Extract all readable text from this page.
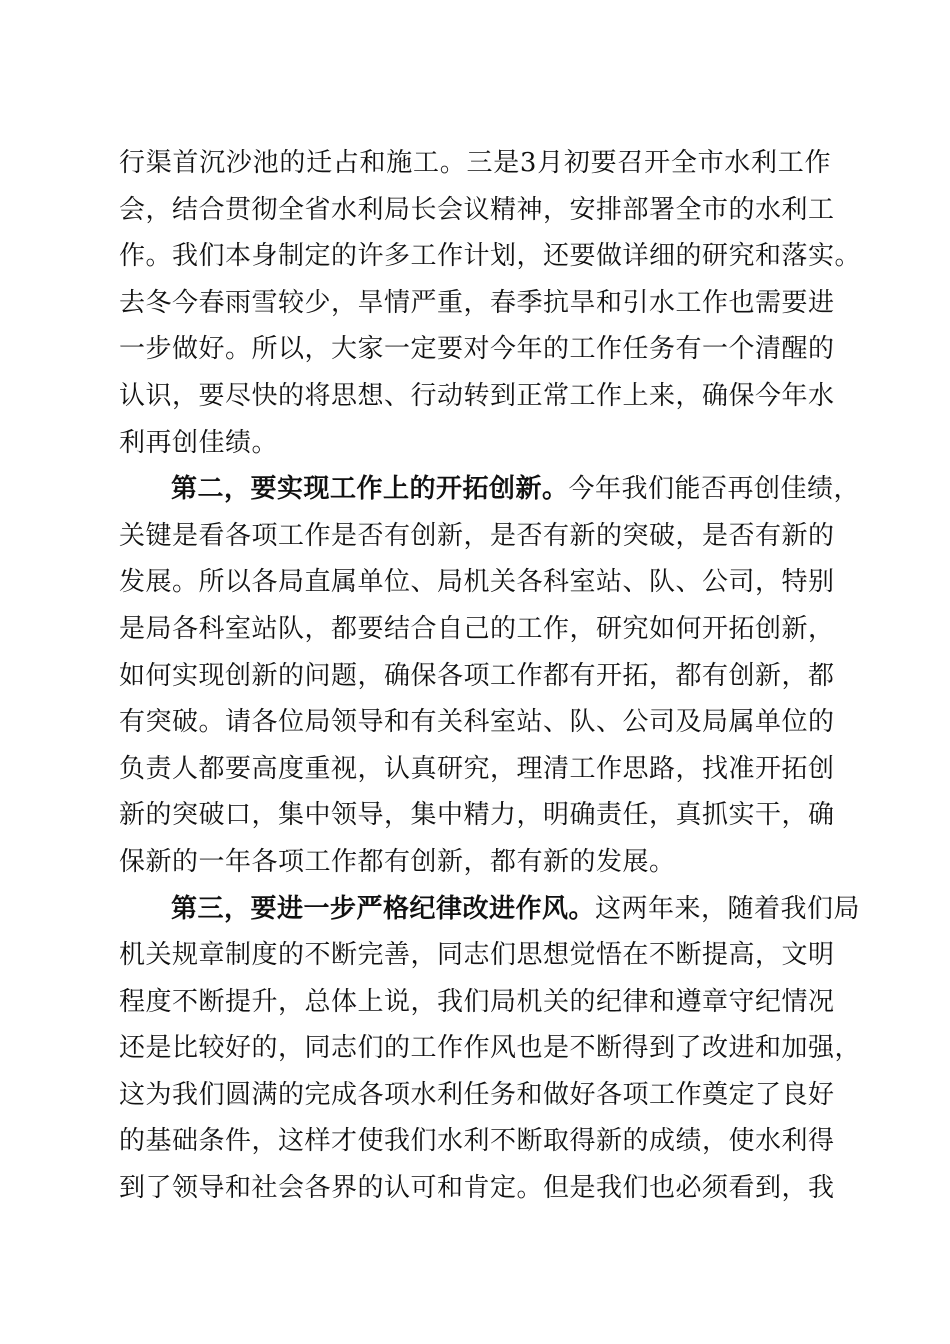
行渠首沉沙池的迁占和施工。三是3月初要召开全市水利工作
会，结合贯彻全省水利局长会议精神，安排部署全市的水利工
作。我们本身制定的许多工作计划，还要做详细的研究和落实。
去冬今春雨雪较少，旱情严重，春季抗旱和引水工作也需要进
一步做好。所以，大家一定要对今年的工作任务有一个清醒的
认识，要尽快的将思想、行动转到正常工作上来，确保今年水
利再创佳绩。
第二，要实现工作上的开拓创新。今年我们能否再创佳绩，
关键是看各项工作是否有创新，是否有新的突破，是否有新的
发展。所以各局直属单位、局机关各科室站、队、公司，特别
是局各科室站队，都要结合自己的工作，研究如何开拓创新，
如何实现创新的问题，确保各项工作都有开拓，都有创新，都
有突破。请各位局领导和有关科室站、队、公司及局属单位的
负责人都要高度重视，认真研究，理清工作思路，找准开拓创
新的突破口，集中领导，集中精力，明确责任，真抓实干，确
保新的一年各项工作都有创新，都有新的发展。
第三，要进一步严格纪律改进作风。这两年来，随着我们局
机关规章制度的不断完善，同志们思想觉悟在不断提高，文明
程度不断提升，总体上说，我们局机关的纪律和遵章守纪情况
还是比较好的，同志们的工作作风也是不断得到了改进和加强，
这为我们圆满的完成各项水利任务和做好各项工作奠定了良好
的基础条件，这样才使我们水利不断取得新的成绩，使水利得
到了领导和社会各界的认可和肯定。但是我们也必须看到，我
